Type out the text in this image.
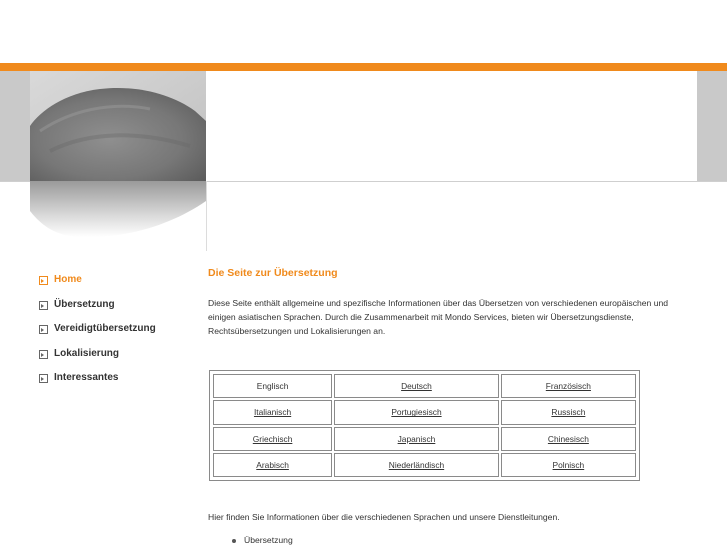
Home
Übersetzung
Vereidigtübersetzung
Lokalisierung
Interessantes
Die Seite zur Übersetzung
Diese Seite enthält allgemeine und spezifische Informationen über das Übersetzen von verschiedenen europäischen und einigen asiatischen Sprachen. Durch die Zusammenarbeit mit Mondo Services, bieten wir Übersetzungsdienste, Rechtsübersetzungen und Lokalisierungen an.
Englisch	Deutsch	Französisch
Italianisch	Portugiesisch	Russisch
Griechisch	Japanisch	Chinesisch
Arabisch	Niederländisch	Polnisch
Hier finden Sie Informationen über die verschiedenen Sprachen und unsere Dienstleitungen.
Übersetzung
